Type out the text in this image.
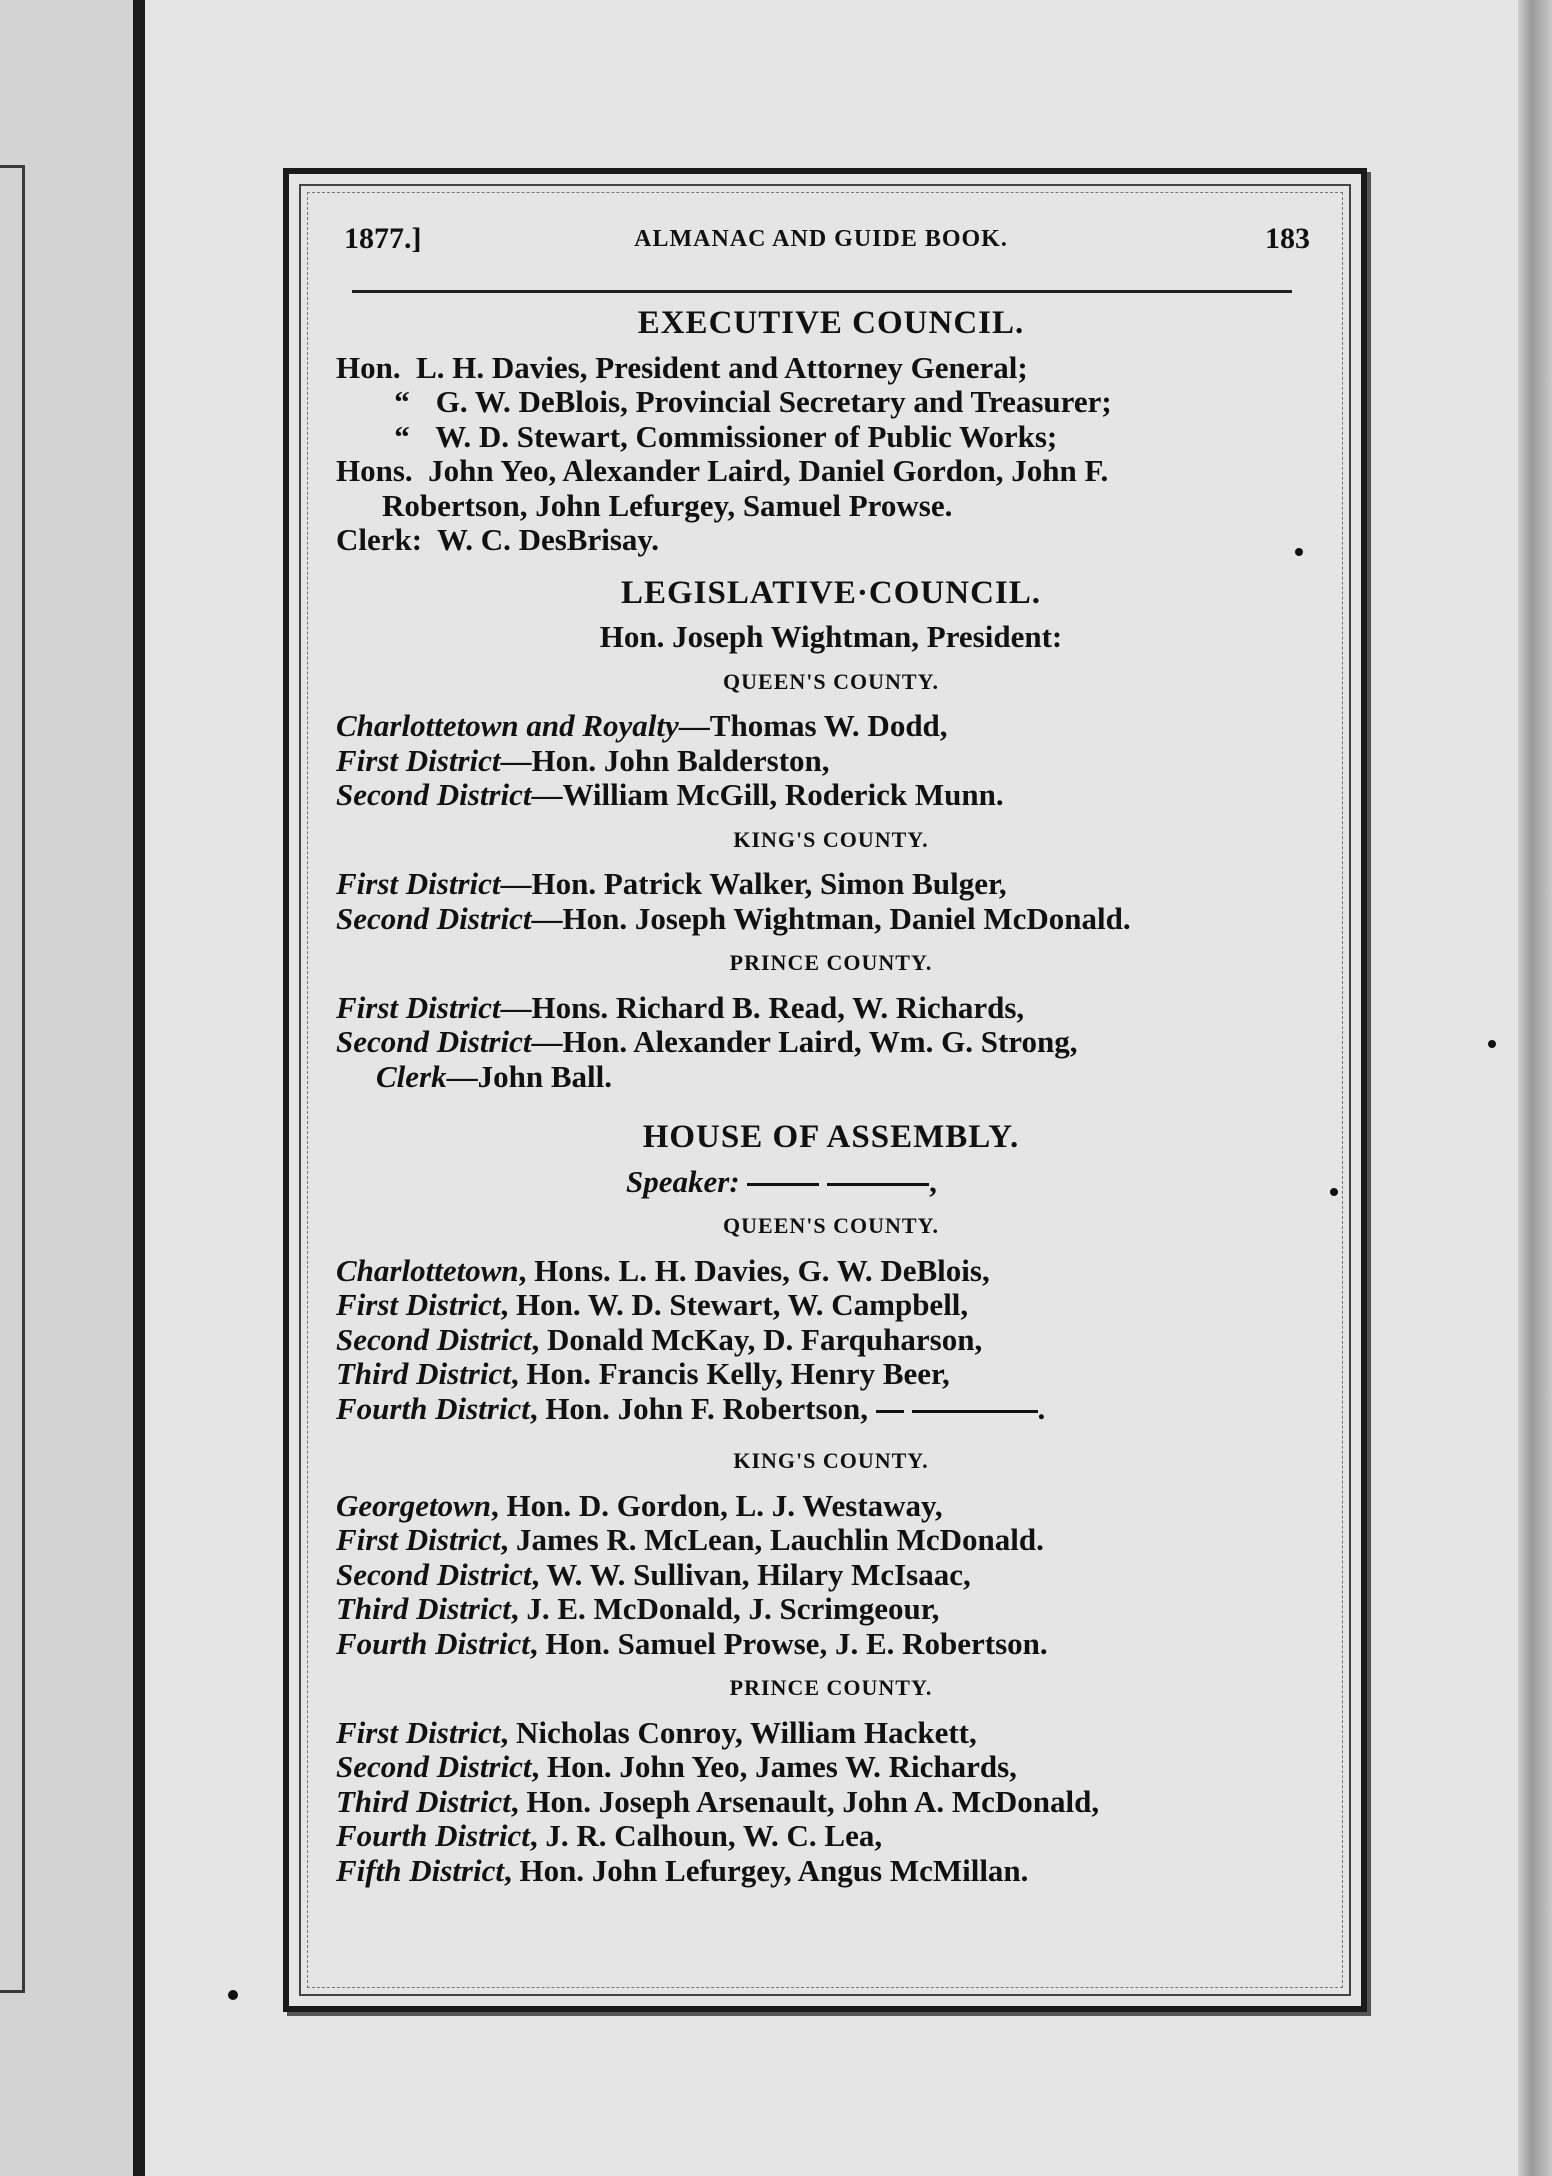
1877.]	ALMANAC AND GUIDE BOOK.	183

EXECUTIVE COUNCIL.

Hon. L. H. Davies, President and Attorney General;

“ G. W. DeBlois, Provincial Secretary and Treasurer;

“ W. D. Stewart, Commissioner of Public Works;

Hons. John Yeo, Alexander Laird, Daniel Gordon, John F.

Robertson, John Lefurgey, Samuel Prowse.

Clerk: W. C. DesBrisay.

LEGISLATIVE·COUNCIL.

Hon. Joseph Wightman, President:

QUEEN'S COUNTY.

Charlottetown and Royalty—Thomas W. Dodd,

First District—Hon. John Balderston,

Second District—William McGill, Roderick Munn.

KING'S COUNTY.

First District—Hon. Patrick Walker, Simon Bulger,

Second District—Hon. Joseph Wightman, Daniel McDonald.

PRINCE COUNTY.

First District—Hons. Richard B. Read, W. Richards,

Second District—Hon. Alexander Laird, Wm. G. Strong,

Clerk—John Ball.

HOUSE OF ASSEMBLY.

Speaker:	,

QUEEN'S COUNTY.

Charlottetown, Hons. L. H. Davies, G. W. DeBlois,

First District, Hon. W. D. Stewart, W. Campbell,

Second District, Donald McKay, D. Farquharson,

Third District, Hon. Francis Kelly, Henry Beer,

Fourth District, Hon. John F. Robertson,	.

KING'S COUNTY.

Georgetown, Hon. D. Gordon, L. J. Westaway,

First District, James R. McLean, Lauchlin McDonald.

Second District, W. W. Sullivan, Hilary McIsaac,

Third District, J. E. McDonald, J. Scrimgeour,

Fourth District, Hon. Samuel Prowse, J. E. Robertson.

PRINCE COUNTY.

First District, Nicholas Conroy, William Hackett,

Second District, Hon. John Yeo, James W. Richards,

Third District, Hon. Joseph Arsenault, John A. McDonald,

Fourth District, J. R. Calhoun, W. C. Lea,

Fifth District, Hon. John Lefurgey, Angus McMillan.
